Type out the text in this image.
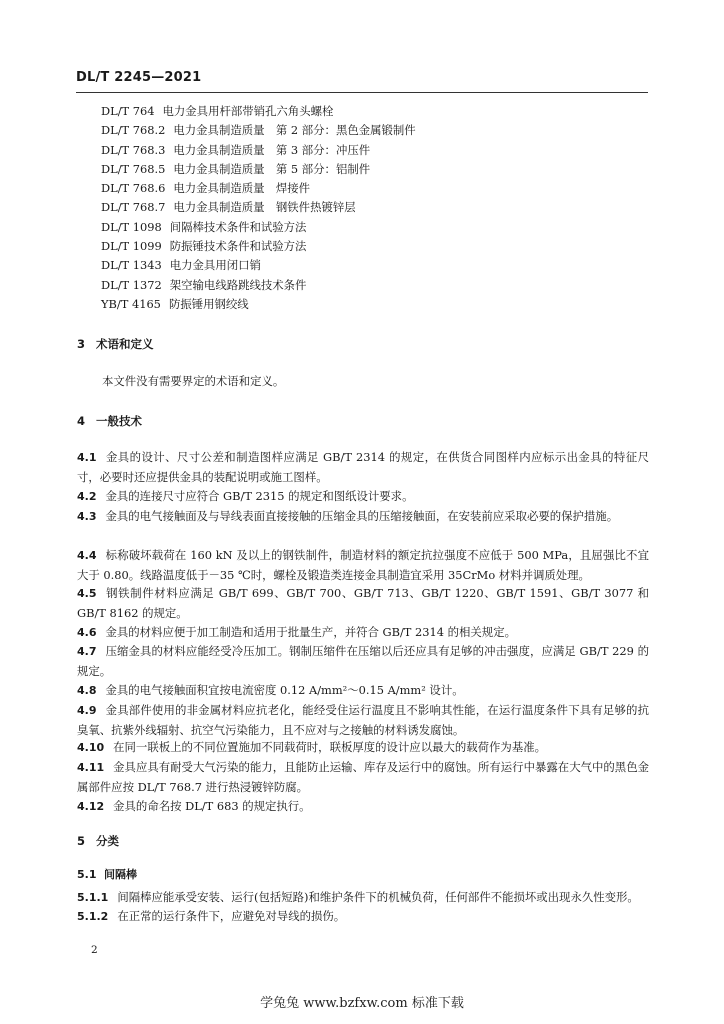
DL/T 2245—2021
DL/T 764 电力金具用杆部带销孔六角头螺栓
DL/T 768.2 电力金具制造质量　第 2 部分：黑色金属锻制件
DL/T 768.3 电力金具制造质量　第 3 部分：冲压件
DL/T 768.5 电力金具制造质量　第 5 部分：铝制件
DL/T 768.6 电力金具制造质量　焊接件
DL/T 768.7 电力金具制造质量　钢铁件热镀锌层
DL/T 1098 间隔棒技术条件和试验方法
DL/T 1099 防振锤技术条件和试验方法
DL/T 1343 电力金具用闭口销
DL/T 1372 架空输电线路跳线技术条件
YB/T 4165 防振锤用钢绞线
3 术语和定义
本文件没有需要界定的术语和定义。
4 一般技术
4.1 金具的设计、尺寸公差和制造图样应满足 GB/T 2314 的规定，在供货合同图样内应标示出金具的特征尺寸，必要时还应提供金具的装配说明或施工图样。
4.2 金具的连接尺寸应符合 GB/T 2315 的规定和图纸设计要求。
4.3 金具的电气接触面及与导线表面直接接触的压缩金具的压缩接触面，在安装前应采取必要的保护措施。
4.4 标称破坏载荷在 160 kN 及以上的钢铁制件，制造材料的额定抗拉强度不应低于 500 MPa，且屈强比不宜大于 0.80。线路温度低于－35 ℃时，螺栓及锻造类连接金具制造宜采用 35CrMo 材料并调质处理。
4.5 钢铁制件材料应满足 GB/T 699、GB/T 700、GB/T 713、GB/T 1220、GB/T 1591、GB/T 3077 和 GB/T 8162 的规定。
4.6 金具的材料应便于加工制造和适用于批量生产，并符合 GB/T 2314 的相关规定。
4.7 压缩金具的材料应能经受冷压加工。钢制压缩件在压缩以后还应具有足够的冲击强度，应满足 GB/T 229 的规定。
4.8 金具的电气接触面积宜按电流密度 0.12 A/mm²～0.15 A/mm² 设计。
4.9 金具部件使用的非金属材料应抗老化，能经受住运行温度且不影响其性能，在运行温度条件下具有足够的抗臭氧、抗紫外线辐射、抗空气污染能力，且不应对与之接触的材料诱发腐蚀。
4.10 在同一联板上的不同位置施加不同载荷时，联板厚度的设计应以最大的载荷作为基准。
4.11 金具应具有耐受大气污染的能力，且能防止运输、库存及运行中的腐蚀。所有运行中暴露在大气中的黑色金属部件应按 DL/T 768.7 进行热浸镀锌防腐。
4.12 金具的命名按 DL/T 683 的规定执行。
5 分类
5.1 间隔棒
5.1.1 间隔棒应能承受安装、运行(包括短路)和维护条件下的机械负荷，任何部件不能损坏或出现永久性变形。
5.1.2 在正常的运行条件下，应避免对导线的损伤。
2
学兔兔 www.bzfxw.com 标准下载
